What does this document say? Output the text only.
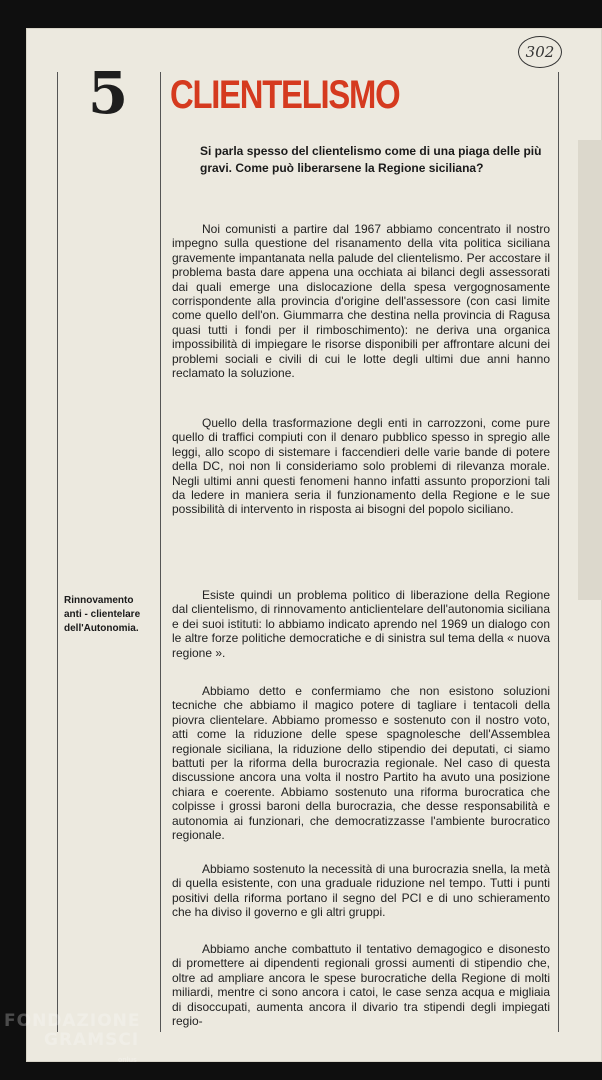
5 CLIENTELISMO
302
Si parla spesso del clientelismo come di una piaga delle più gravi. Come può liberarsene la Regione siciliana?

Noi comunisti a partire dal 1967 abbiamo concentrato il nostro impegno sulla questione del risanamento della vita politica siciliana gravemente impantanata nella palude del clientelismo. Per accostare il problema basta dare appena una occhiata ai bilanci degli assessorati dai quali emerge una dislocazione della spesa vergognosamente corrispondente alla provincia d'origine dell'assessore (con casi limite come quello dell'on. Giummarra che destina nella provincia di Ragusa quasi tutti i fondi per il rimboschimento): ne deriva una organica impossibilità di impiegare le risorse disponibili per affrontare alcuni dei problemi sociali e civili di cui le lotte degli ultimi due anni hanno reclamato la soluzione.

Quello della trasformazione degli enti in carrozzoni, come pure quello di traffici compiuti con il denaro pubblico spesso in spregio alle leggi, allo scopo di sistemare i faccendieri delle varie bande di potere della DC, noi non li consideriamo solo problemi di rilevanza morale. Negli ultimi anni questi fenomeni hanno infatti assunto proporzioni tali da ledere in maniera seria il funzionamento della Regione e le sue possibilità di intervento in risposta ai bisogni del popolo siciliano.

Rinnovamento
anti - clientelare
dell'Autonomia.

Esiste quindi un problema politico di liberazione della Regione dal clientelismo, di rinnovamento anticlientelare dell'autonomia siciliana e dei suoi istituti: lo abbiamo indicato aprendo nel 1969 un dialogo con le altre forze politiche democratiche e di sinistra sul tema della « nuova regione ».

Abbiamo detto e confermiamo che non esistono soluzioni tecniche che abbiamo il magico potere di tagliare i tentacoli della piovra clientelare. Abbiamo promesso e sostenuto con il nostro voto, atti come la riduzione delle spese spagnolesche dell'Assemblea regionale siciliana, la riduzione dello stipendio dei deputati, ci siamo battuti per la riforma della burocrazia regionale. Nel caso di questa discussione ancora una volta il nostro Partito ha avuto una posizione chiara e coerente. Abbiamo sostenuto una riforma burocratica che colpisse i grossi baroni della burocrazia, che desse responsabilità e autonomia ai funzionari, che democratizzasse l'ambiente burocratico regionale.

Abbiamo sostenuto la necessità di una burocrazia snella, la metà di quella esistente, con una graduale riduzione nel tempo. Tutti i punti positivi della riforma portano il segno del PCI e di uno schieramento che ha diviso il governo e gli altri gruppi.

Abbiamo anche combattuto il tentativo demagogico e disonesto di promettere ai dipendenti regionali grossi aumenti di stipendio che, oltre ad ampliare ancora le spese burocratiche della Regione di molti miliardi, mentre ci sono ancora i catoi, le case senza acqua e migliaia di disoccupati, aumenta ancora il divario tra stipendi degli impiegati regio-

FONDAZIONE
GRAMSCI
onlus
